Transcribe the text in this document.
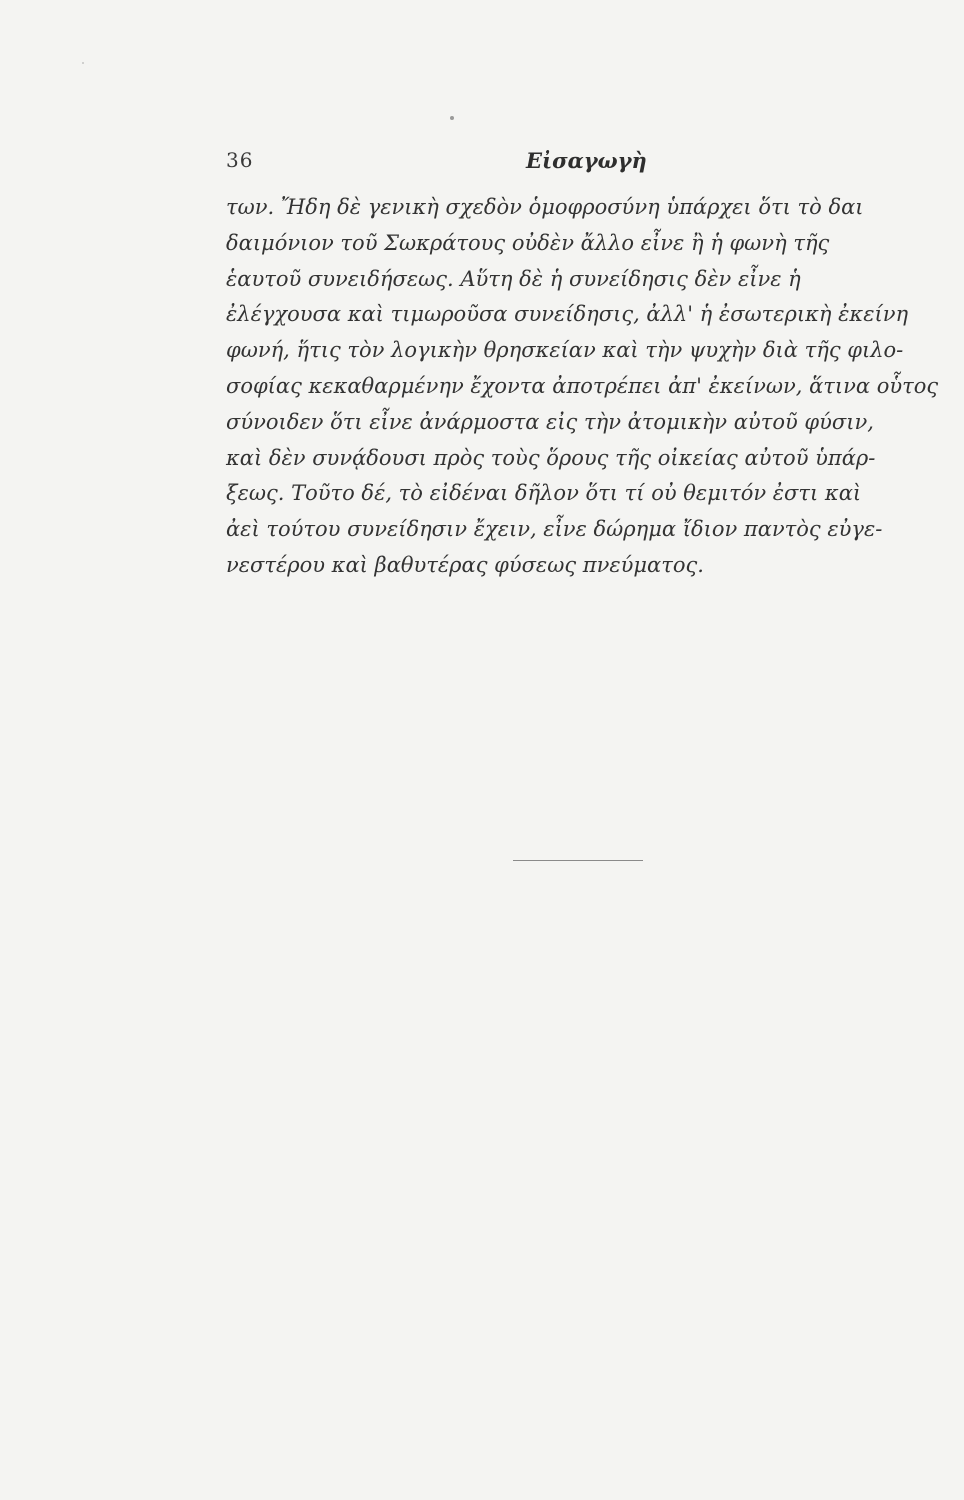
36	Εἰσαγωγὴ
των. Ἤδη δὲ γενικὴ σχεδὸν ὁμοφροσύνη ὑπάρχει ὅτι τὸ δαι
δαιμόνιον τοῦ Σωκράτους οὐδὲν ἄλλο εἶνε ἢ ἡ φωνὴ τῆς
ἑαυτοῦ συνειδήσεως. Αὕτη δὲ ἡ συνείδησις δὲν εἶνε ἡ
ἐλέγχουσα καὶ τιμωροῦσα συνείδησις, ἀλλ' ἡ ἐσωτερικὴ ἐκείνη
φωνή, ἥτις τὸν λογικὴν θρησκείαν καὶ τὴν ψυχὴν διὰ τῆς φιλο-
σοφίας κεκαθαρμένην ἔχοντα ἀποτρέπει ἀπ' ἐκείνων, ἅτινα οὗτος
σύνοιδεν ὅτι εἶνε ἀνάρμοστα εἰς τὴν ἀτομικὴν αὐτοῦ φύσιν,
καὶ δὲν συνᾴδουσι πρὸς τοὺς ὅρους τῆς οἰκείας αὐτοῦ ὑπάρ-
ξεως. Τοῦτο δέ, τὸ εἰδέναι δῆλον ὅτι τί οὐ θεμιτόν ἐστι καὶ
ἀεὶ τούτου συνείδησιν ἔχειν, εἶνε δώρημα ἴδιον παντὸς εὐγε-
νεστέρου καὶ βαθυτέρας φύσεως πνεύματος.
